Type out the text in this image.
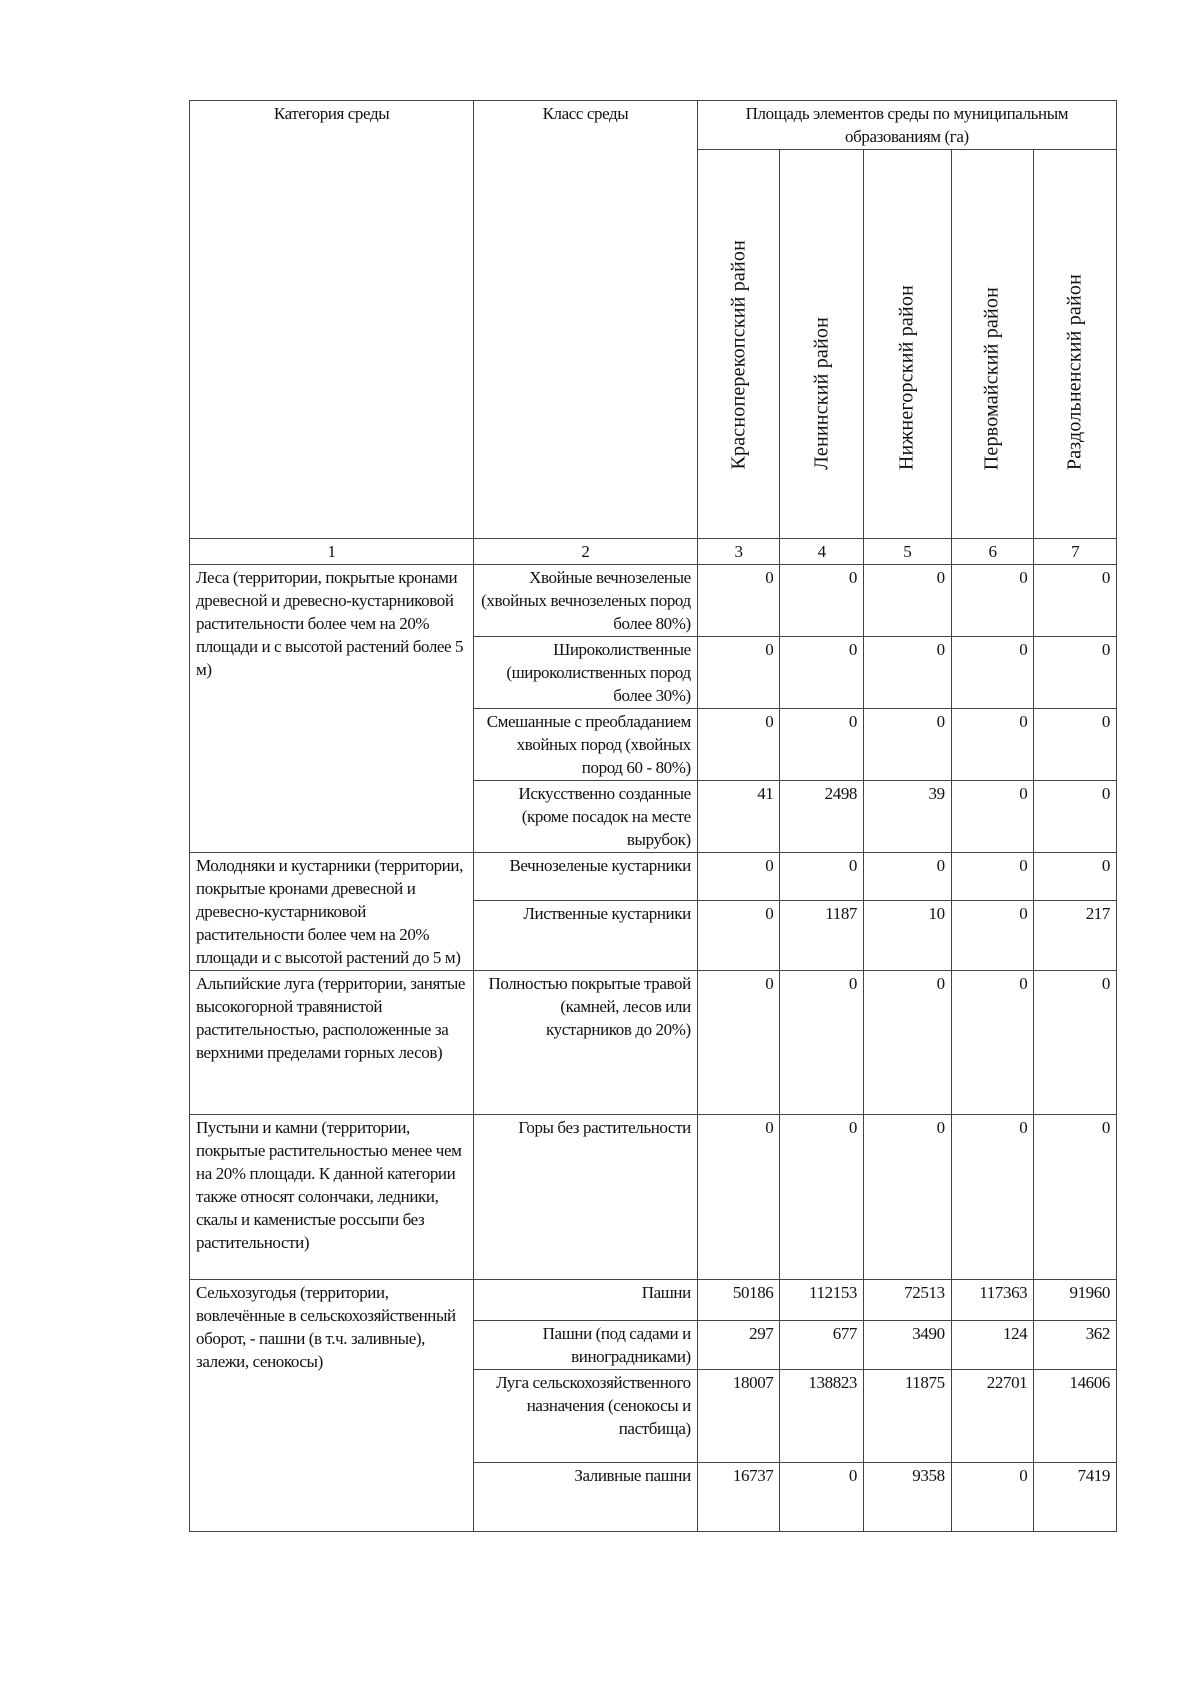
Категория среды	Класс среды	Площадь элементов среды по муниципальным образованиям (га)				

		Красноперекопский район	Ленинский район	Нижнегорский район	Первомайский район	Раздольненский район

1	2	3	4	5	6	7
Леса (территории, покрытые кронами древесной и древесно-кустарниковой растительности более чем на 20% площади и с высотой растений более 5 м)	Хвойные вечнозеленые (хвойных вечнозеленых пород более 80%)	0	0	0	0	0
	Широколиственные (широколиственных пород более 30%)	0	0	0	0	0
	Смешанные с преобладанием хвойных пород (хвойных пород 60 - 80%)	0	0	0	0	0
	Искусственно созданные (кроме посадок на месте вырубок)	41	2498	39	0	0
Молодняки и кустарники (территории, покрытые кронами древесной и древесно-кустарниковой растительности более чем на 20% площади и с высотой растений до 5 м)	Вечнозеленые кустарники	0	0	0	0	0
	Лиственные кустарники	0	1187	10	0	217
Альпийские луга (территории, занятые высокогорной травянистой растительностью, расположенные за верхними пределами горных лесов)	Полностью покрытые травой (камней, лесов или кустарников до 20%)	0	0	0	0	0
Пустыни и камни (территории, покрытые растительностью менее чем на 20% площади. К данной категории также относят солончаки, ледники, скалы и каменистые россыпи без растительности)	Горы без растительности	0	0	0	0	0
Сельхозугодья (территории, вовлечённые в сельскохозяйственный оборот, - пашни (в т.ч. заливные), залежи, сенокосы)	Пашни	50186	112153	72513	117363	91960
	Пашни (под садами и виноградниками)	297	677	3490	124	362
	Луга сельскохозяйственного назначения (сенокосы и пастбища)	18007	138823	11875	22701	14606
	Заливные пашни	16737	0	9358	0	7419
